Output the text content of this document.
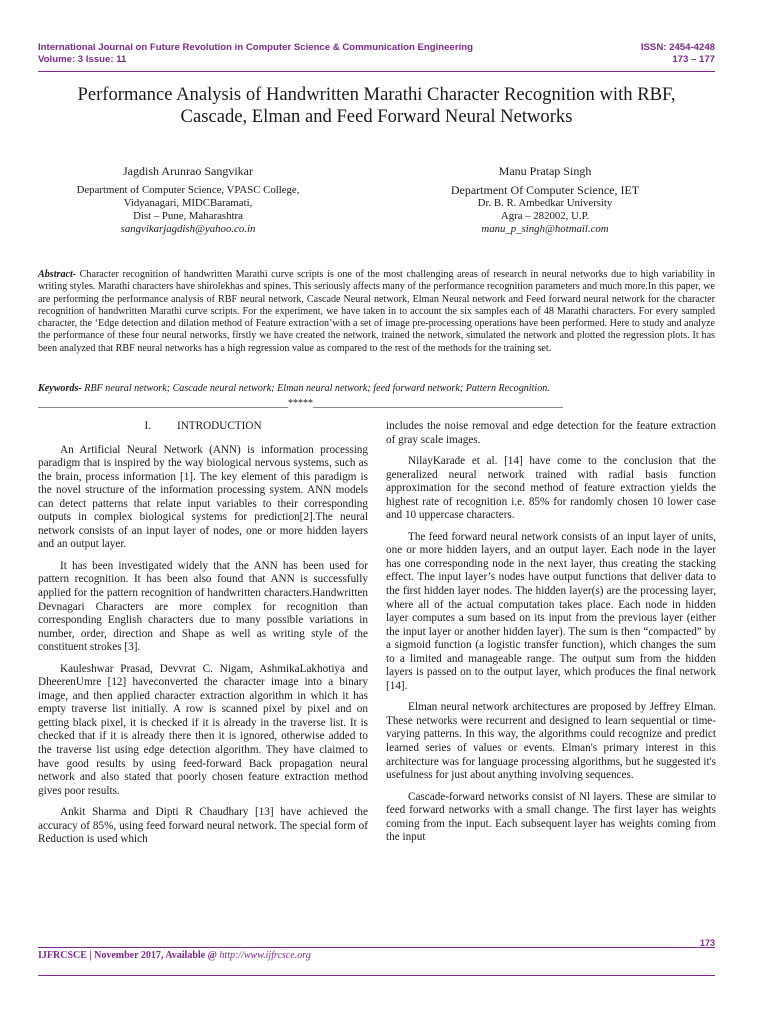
International Journal on Future Revolution in Computer Science & Communication Engineering
Volume: 3 Issue: 11
ISSN: 2454-4248
173 – 177
Performance Analysis of Handwritten Marathi Character Recognition with RBF,
Cascade, Elman and Feed Forward Neural Networks
Jagdish Arunrao Sangvikar
Department of Computer Science, VPASC College,
Vidyanagari, MIDCBaramati,
Dist – Pune, Maharashtra
sangvikarjagdish@yahoo.co.in
Manu Pratap Singh
Department Of Computer Science, IET
Dr. B. R. Ambedkar University
Agra – 282002, U.P.
manu_p_singh@hotmail.com
Abstract- Character recognition of handwritten Marathi curve scripts is one of the most challenging areas of research in neural networks due to high variability in writing styles. Marathi characters have shirolekhas and spines. This seriously affects many of the performance recognition parameters and much more.In this paper, we are performing the performance analysis of RBF neural network, Cascade Neural network, Elman Neural network and Feed forward neural network for the character recognition of handwritten Marathi curve scripts. For the experiment, we have taken in to account the six samples each of 48 Marathi characters. For every sampled character, the ‘Edge detection and dilation method of Feature extraction’with a set of image pre-processing operations have been performed. Here to study and analyze the performance of these four neural networks, firstly we have created the network, trained the network, simulated the network and plotted the regression plots. It has been analyzed that RBF neural networks has a high regression value as compared to the rest of the methods for the training set.
Keywords- RBF neural network; Cascade neural network; Elman neural network; feed forward network; Pattern Recognition.
__________________________________________________*****__________________________________________________
I. INTRODUCTION

An Artificial Neural Network (ANN) is information processing paradigm that is inspired by the way biological nervous systems, such as the brain, process information [1]. The key element of this paradigm is the novel structure of the information processing system. ANN models can detect patterns that relate input variables to their corresponding outputs in complex biological systems for prediction[2].The neural network consists of an input layer of nodes, one or more hidden layers and an output layer.

It has been investigated widely that the ANN has been used for pattern recognition. It has been also found that ANN is successfully applied for the pattern recognition of handwritten characters.Handwritten Devnagari Characters are more complex for recognition than corresponding English characters due to many possible variations in number, order, direction and Shape as well as writing style of the constituent strokes [3].

Kauleshwar Prasad, Devvrat C. Nigam, AshmikaLakhotiya and DheerenUmre [12] haveconverted the character image into a binary image, and then applied character extraction algorithm in which it has empty traverse list initially. A row is scanned pixel by pixel and on getting black pixel, it is checked if it is already in the traverse list. It is checked that if it is already there then it is ignored, otherwise added to the traverse list using edge detection algorithm. They have claimed to have good results by using feed-forward Back propagation neural network and also stated that poorly chosen feature extraction method gives poor results.

Ankit Sharma and Dipti R Chaudhary [13] have achieved the accuracy of 85%, using feed forward neural network. The special form of Reduction is used which

includes the noise removal and edge detection for the feature extraction of gray scale images.

NilayKarade et al. [14] have come to the conclusion that the generalized neural network trained with radial basis function approximation for the second method of feature extraction yields the highest rate of recognition i.e. 85% for randomly chosen 10 lower case and 10 uppercase characters.

The feed forward neural network consists of an input layer of units, one or more hidden layers, and an output layer. Each node in the layer has one corresponding node in the next layer, thus creating the stacking effect. The input layer’s nodes have output functions that deliver data to the first hidden layer nodes. The hidden layer(s) are the processing layer, where all of the actual computation takes place. Each node in hidden layer computes a sum based on its input from the previous layer (either the input layer or another hidden layer). The sum is then “compacted” by a sigmoid function (a logistic transfer function), which changes the sum to a limited and manageable range. The output sum from the hidden layers is passed on to the output layer, which produces the final network [14].

Elman neural network architectures are proposed by Jeffrey Elman. These networks were recurrent and designed to learn sequential or time-varying patterns. In this way, the algorithms could recognize and predict learned series of values or events. Elman's primary interest in this architecture was for language processing algorithms, but he suggested it's usefulness for just about anything involving sequences.

Cascade-forward networks consist of Nl layers. These are similar to feed forward networks with a small change. The first layer has weights coming from the input. Each subsequent layer has weights coming from the input

173
IJFRCSCE | November 2017, Available @ http://www.ijfrcsce.org
